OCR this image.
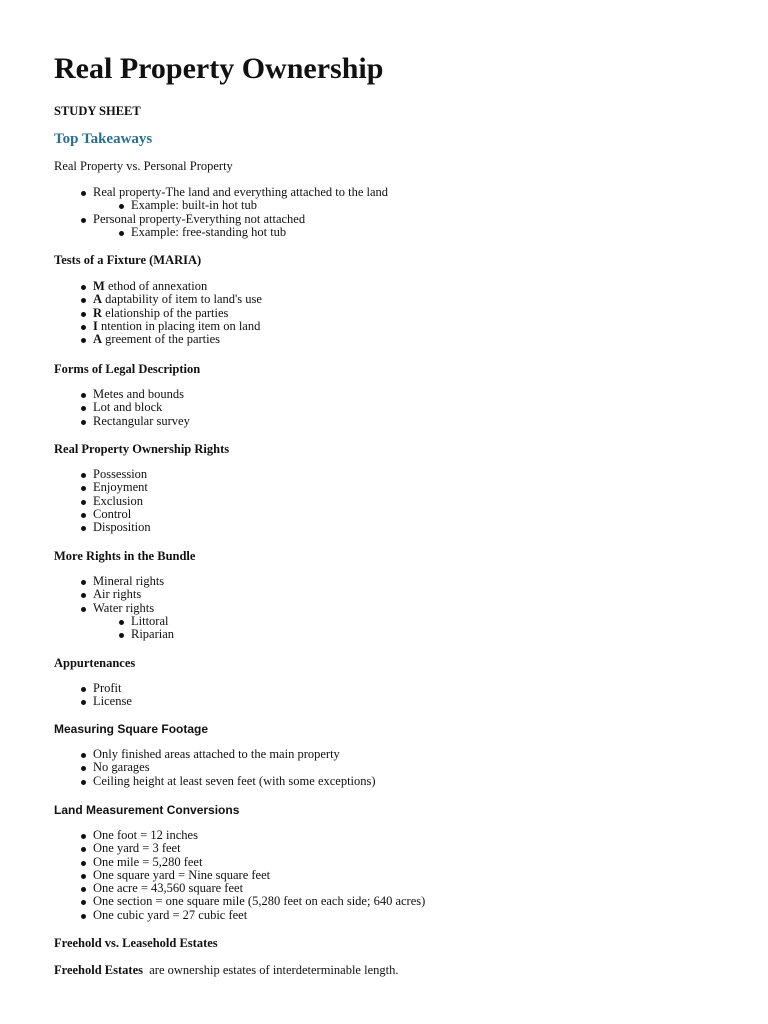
Real Property Ownership
STUDY SHEET
Top Takeaways
Real Property vs. Personal Property
Real property-The land and everything attached to the land
Example: built-in hot tub
Personal property-Everything not attached
Example: free-standing hot tub
Tests of a Fixture (MARIA)
M ethod of annexation
A daptability of item to land's use
R elationship of the parties
I ntention in placing item on land
A greement of the parties
Forms of Legal Description
Metes and bounds
Lot and block
Rectangular survey
Real Property Ownership Rights
Possession
Enjoyment
Exclusion
Control
Disposition
More Rights in the Bundle
Mineral rights
Air rights
Water rights
Littoral
Riparian
Appurtenances
Profit
License
Measuring Square Footage
Only finished areas attached to the main property
No garages
Ceiling height at least seven feet (with some exceptions)
Land Measurement Conversions
One foot = 12 inches
One yard = 3 feet
One mile = 5,280 feet
One square yard = Nine square feet
One acre = 43,560 square feet
One section = one square mile (5,280 feet on each side; 640 acres)
One cubic yard = 27 cubic feet
Freehold vs. Leasehold Estates
Freehold Estates  are ownership estates of interdeterminable length.
